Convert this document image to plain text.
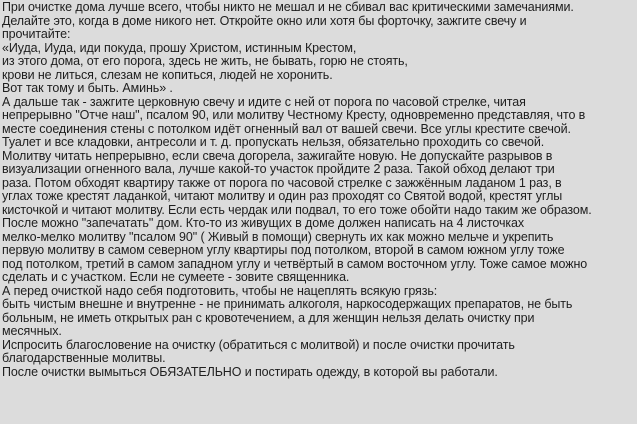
При очистке дома лучше всего, чтобы никто не мешал и не сбивал вас критическими замечаниями.
Делайте это, когда в доме никого нет. Откройте окно или хотя бы форточку, зажгите свечу и
прочитайте:
«Иуда, Иуда, иди покуда, прошу Христом, истинным Крестом,
из этого дома, от его порога, здесь не жить, не бывать, горю не стоять,
крови не литься, слезам не копиться, людей не хоронить.
Вот так тому и быть. Аминь» .
А дальше так - зажгите церковную свечу и идите с ней от порога по часовой стрелке, читая
непрерывно "Отче наш", псалом 90, или молитву Честному Кресту, одновременно представляя, что в
месте соединения стены с потолком идёт огненный вал от вашей свечи. Все углы крестите свечой.
Туалет и все кладовки, антресоли и т. д. пропускать нельзя, обязательно проходить со свечой.
Молитву читать непрерывно, если свеча догорела, зажигайте новую. Не допускайте разрывов в
визуализации огненного вала, лучше какой-то участок пройдите 2 раза. Такой обход делают три
раза. Потом обходят квартиру также от порога по часовой стрелке с зажжённым ладаном 1 раз, в
углах тоже крестят ладанкой, читают молитву и один раз проходят со Святой водой, крестят углы
кисточкой и читают молитву. Если есть чердак или подвал, то его тоже обойти надо таким же образом.
После можно "запечатать" дом. Кто-то из живущих в доме должен написать на 4 листочках
мелко-мелко молитву "псалом 90" ( Живый в помощи) свернуть их как можно мельче и укрепить
первую молитву в самом северном углу квартиры под потолком, второй в самом южном углу тоже
под потолком, третий в самом западном углу и четвёртый в самом восточном углу. Тоже самое можно
сделать и с участком. Если не сумеете - зовите священника.
А перед очисткой надо себя подготовить, чтобы не нацеплять всякую грязь:
быть чистым внешне и внутренне - не принимать алкоголя, наркосодержащих препаратов, не быть
больным, не иметь открытых ран с кровотечением, а для женщин нельзя делать очистку при
месячных.
Испросить благословение на очистку (обратиться с молитвой) и после очистки прочитать
благодарственные молитвы.
После очистки вымыться ОБЯЗАТЕЛЬНО и постирать одежду, в которой вы работали.
